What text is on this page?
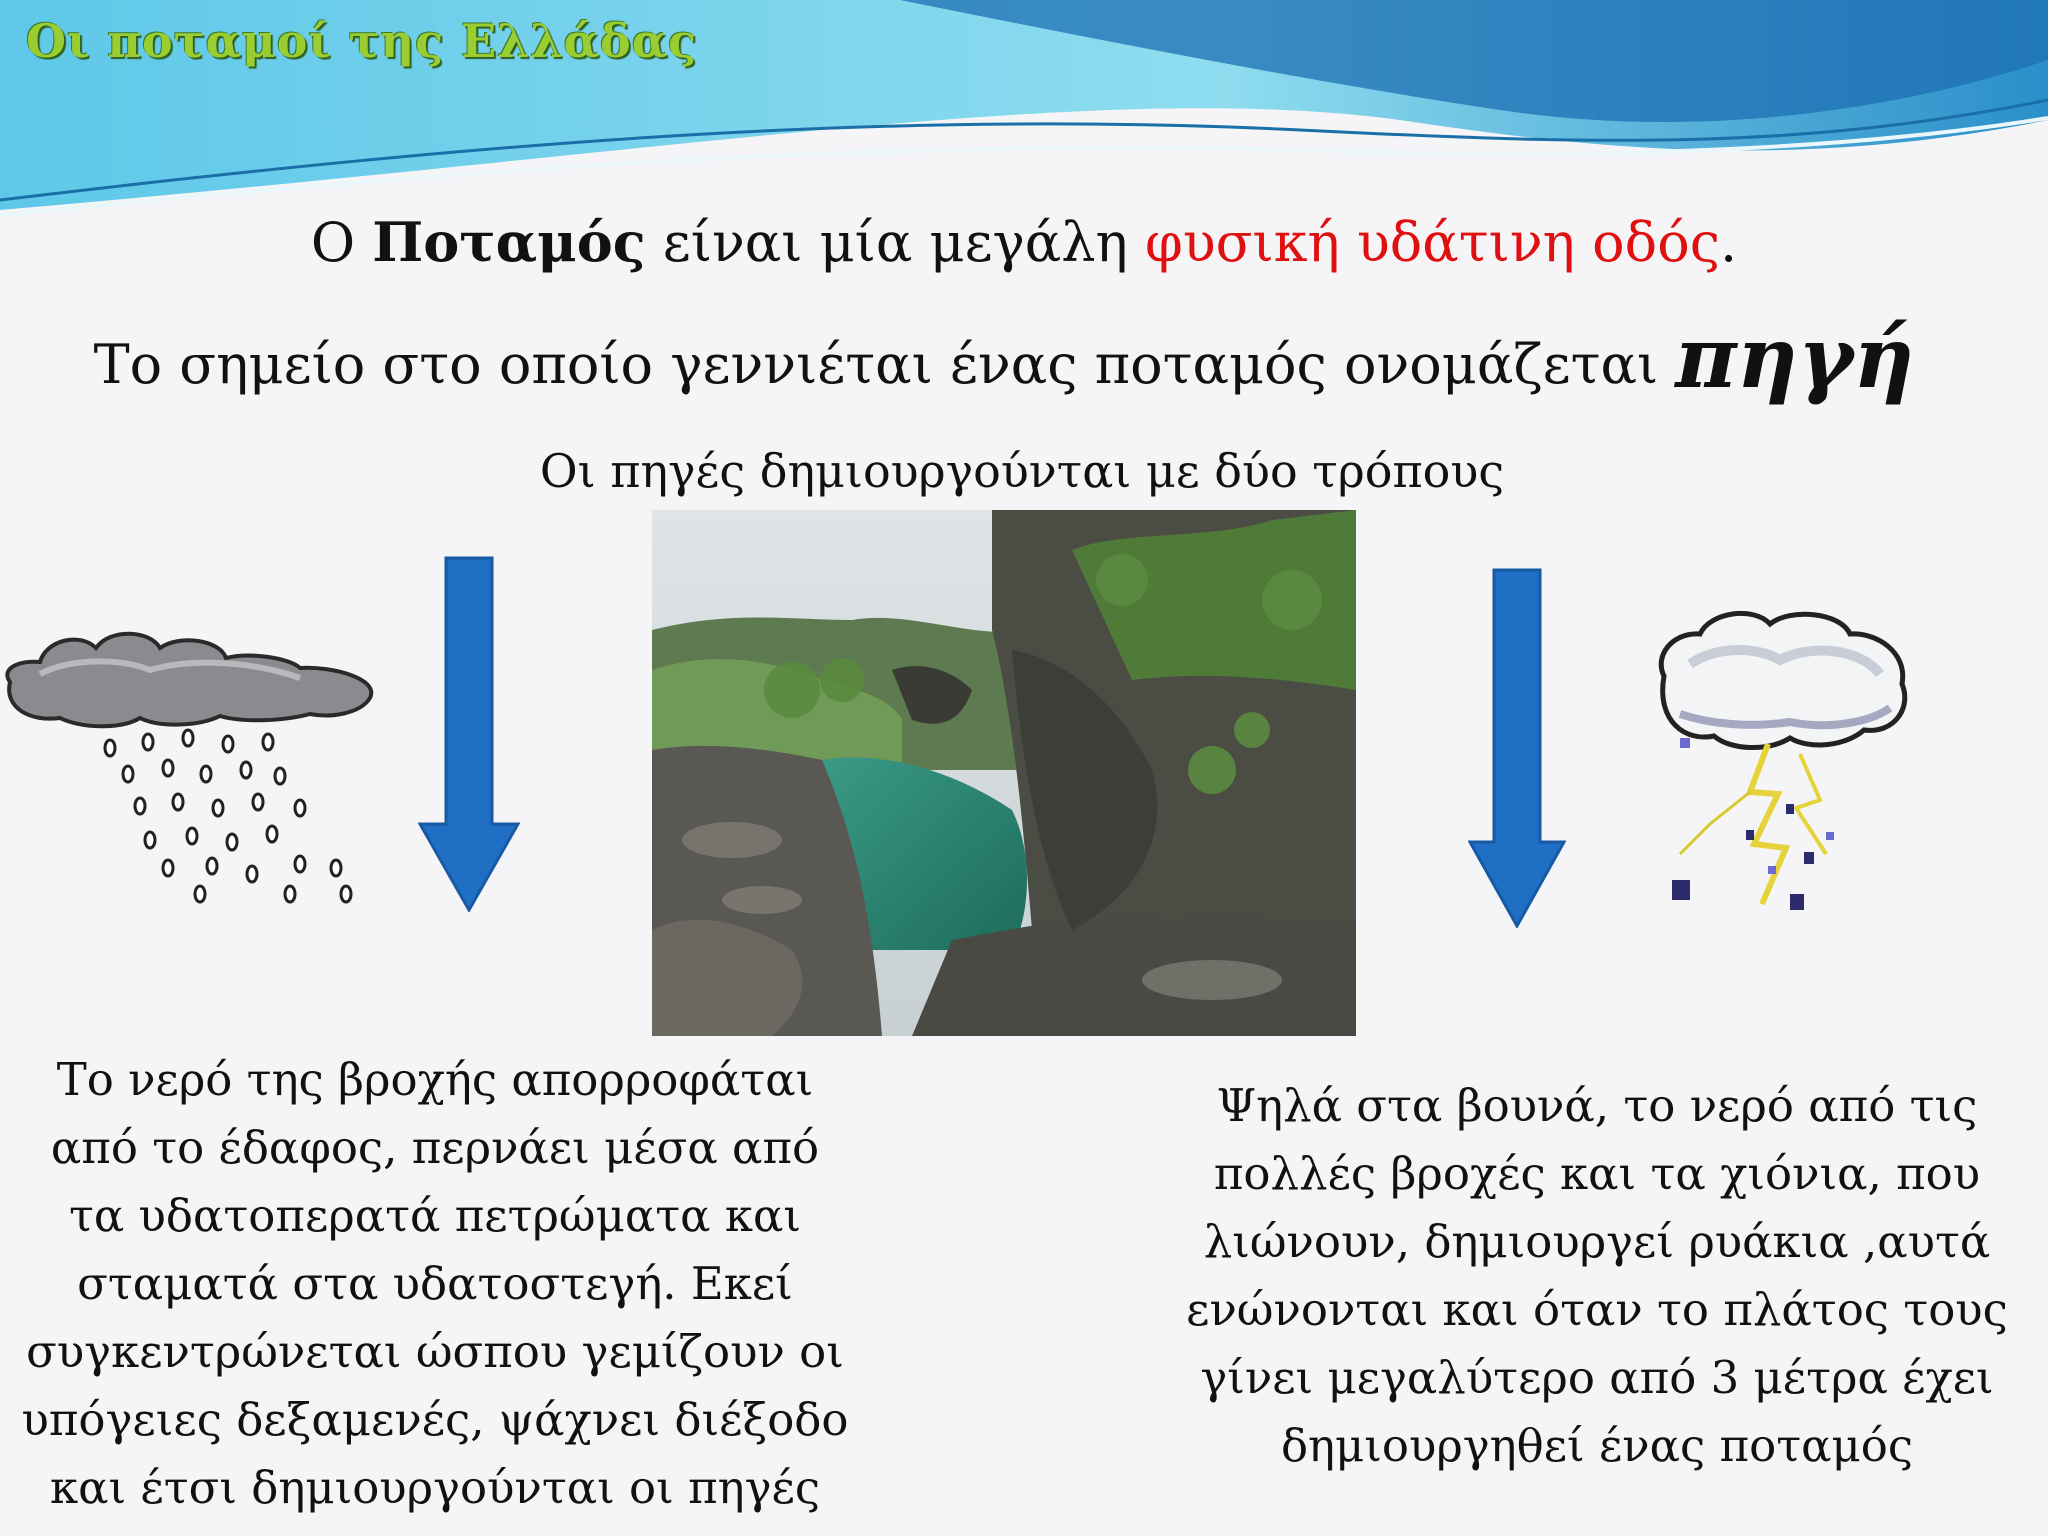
Οι ποταμοί της Ελλάδας
Ο Ποταμός είναι μία μεγάλη φυσική υδάτινη οδός.
Το σημείο στο οποίο γεννιέται ένας ποταμός ονομάζεται πηγή
Οι πηγές δημιουργούνται με δύο τρόπους
Το νερό της βροχής απορροφάται
από το έδαφος, περνάει μέσα από
τα υδατοπερατά πετρώματα και
σταματά στα υδατοστεγή. Εκεί
συγκεντρώνεται ώσπου γεμίζουν οι
υπόγειες δεξαμενές, ψάχνει διέξοδο
και έτσι δημιουργούνται οι πηγές
Ψηλά στα βουνά, το νερό από τις
πολλές βροχές και τα χιόνια, που
λιώνουν, δημιουργεί ρυάκια ,αυτά
ενώνονται και όταν το πλάτος τους
γίνει μεγαλύτερο από 3 μέτρα έχει
δημιουργηθεί ένας ποταμός
